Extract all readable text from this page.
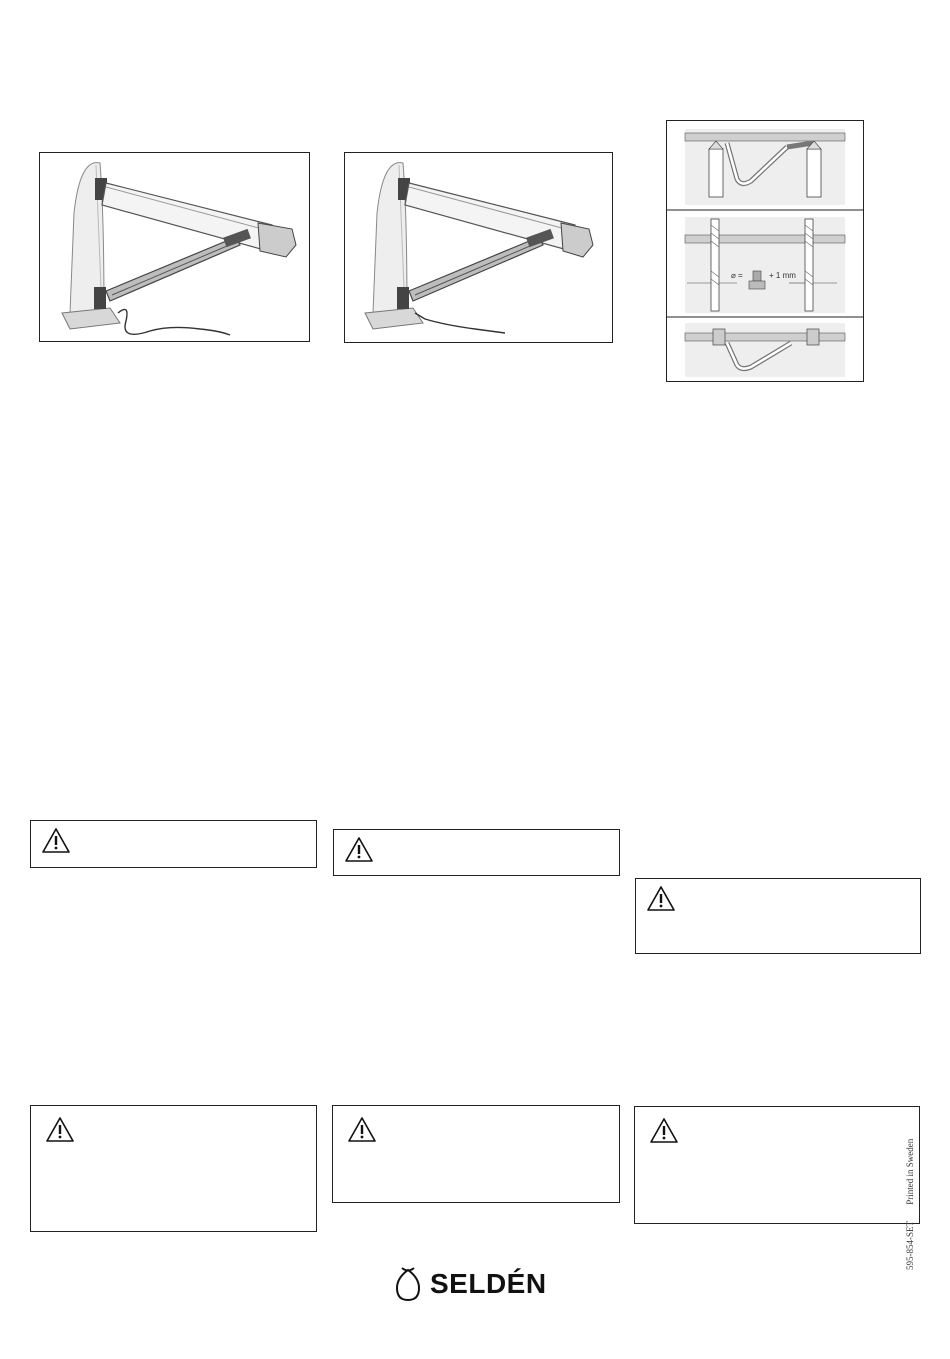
⌀ =	+ 1 mm
595-854-SET Printed in Sweden
SELDÉN
